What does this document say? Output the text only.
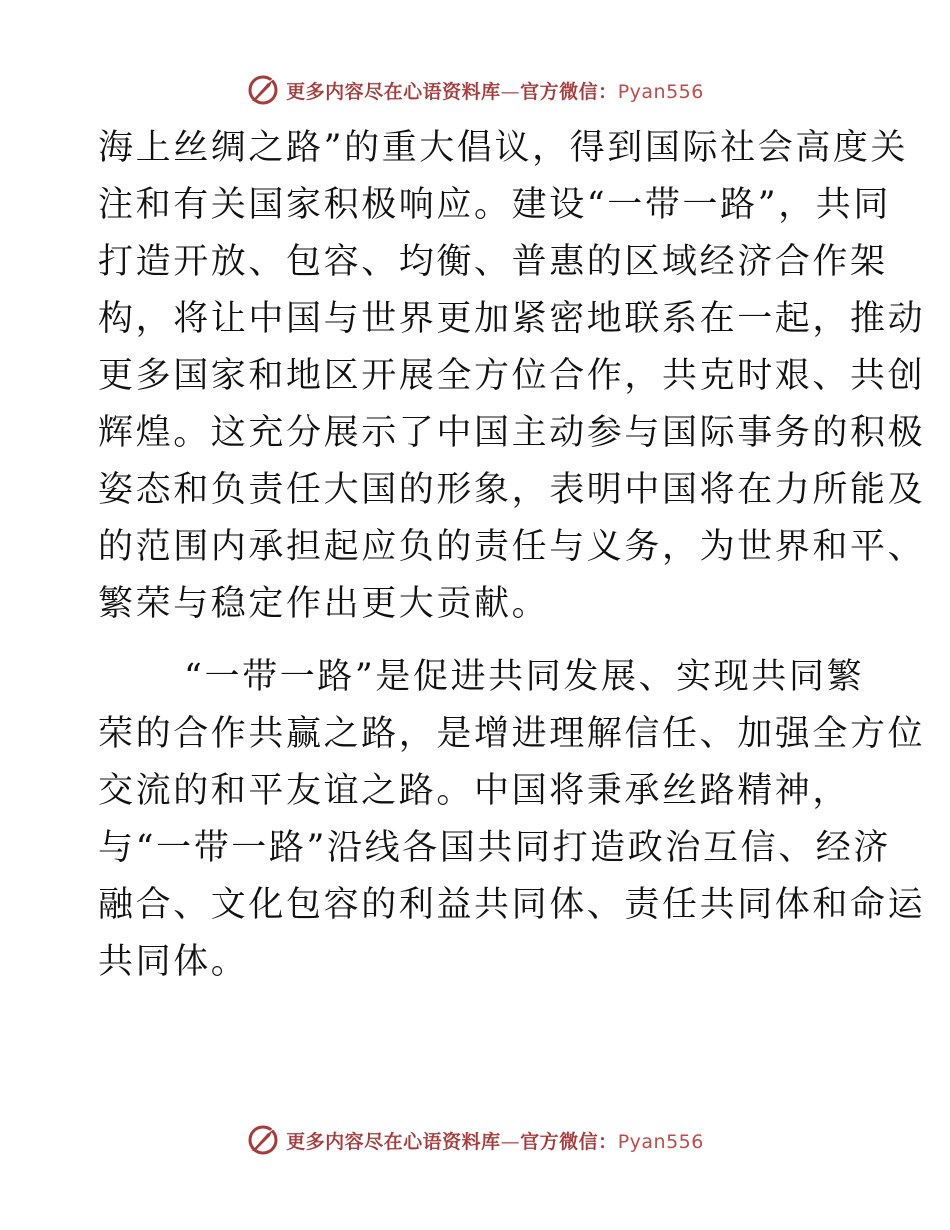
更多内容尽在心语资料库—官方微信：Pyan556

海上丝绸之路”的重大倡议，得到国际社会高度关
注和有关国家积极响应。建设“一带一路”，共同
打造开放、包容、均衡、普惠的区域经济合作架
构，将让中国与世界更加紧密地联系在一起，推动
更多国家和地区开展全方位合作，共克时艰、共创
辉煌。这充分展示了中国主动参与国际事务的积极
姿态和负责任大国的形象，表明中国将在力所能及
的范围内承担起应负的责任与义务，为世界和平、
繁荣与稳定作出更大贡献。

“一带一路”是促进共同发展、实现共同繁
荣的合作共赢之路，是增进理解信任、加强全方位
交流的和平友谊之路。中国将秉承丝路精神，
与“一带一路”沿线各国共同打造政治互信、经济
融合、文化包容的利益共同体、责任共同体和命运
共同体。

更多内容尽在心语资料库—官方微信：Pyan556
